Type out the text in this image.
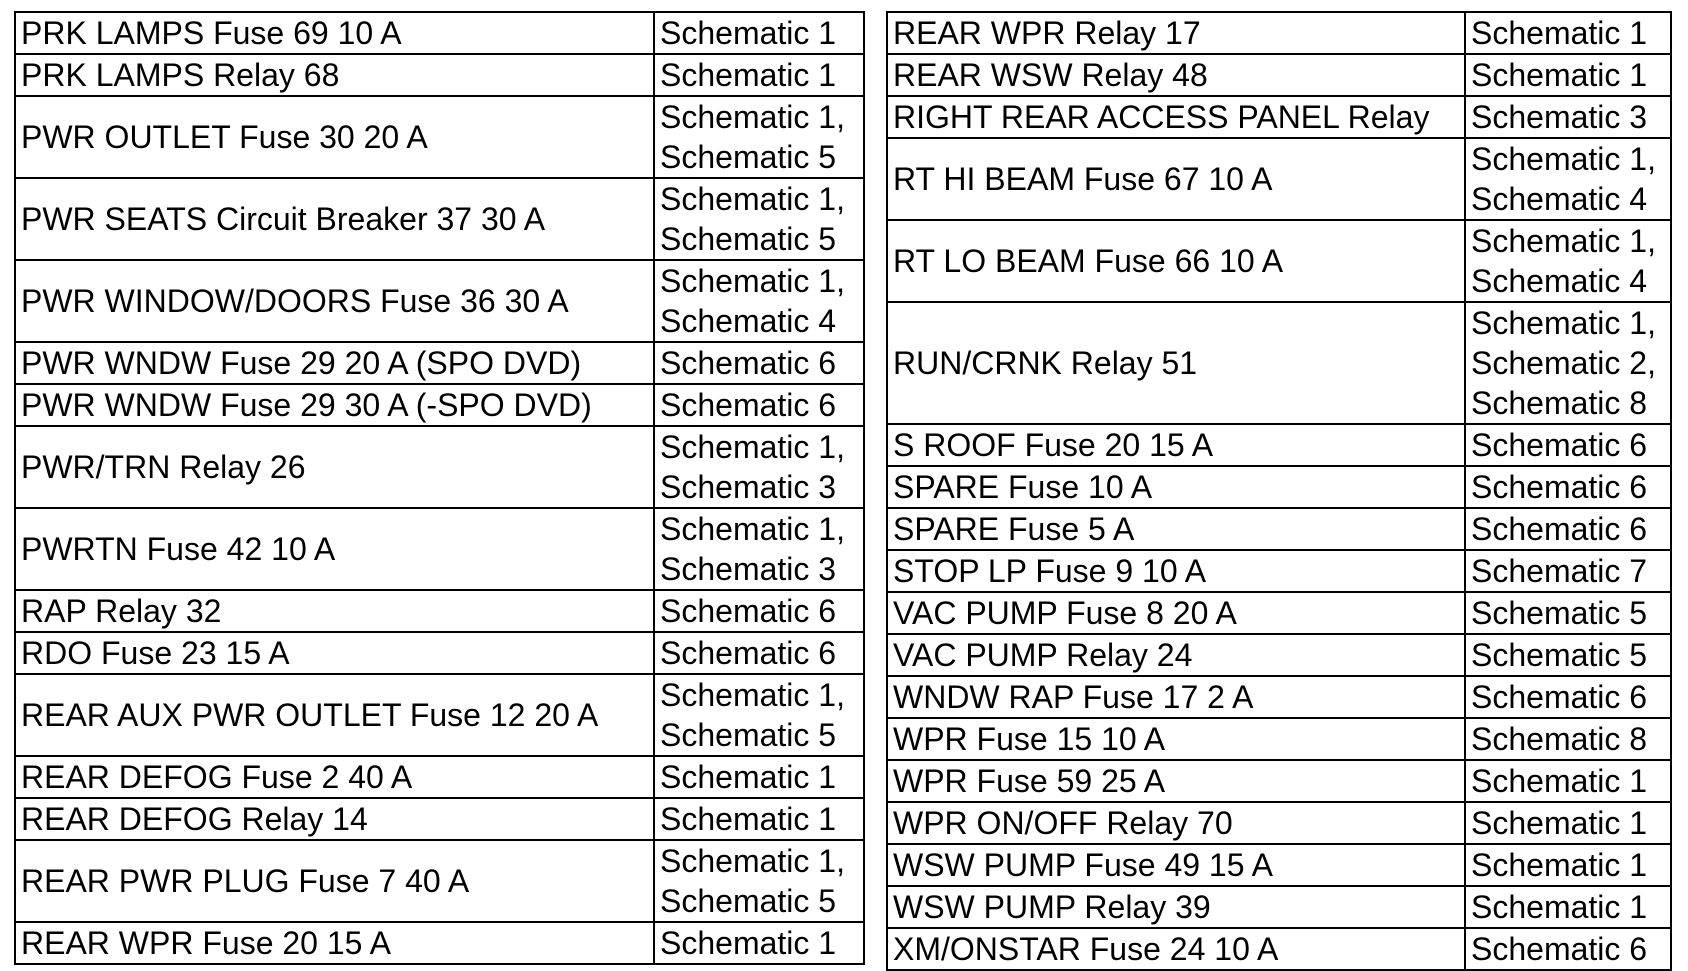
PRK LAMPS Fuse 69 10 A	Schematic 1

PRK LAMPS Relay 68	Schematic 1

PWR OUTLET Fuse 30 20 A	Schematic 1,
Schematic 5

PWR SEATS Circuit Breaker 37 30 A	Schematic 1,
Schematic 5

PWR WINDOW/DOORS Fuse 36 30 A	Schematic 1,
Schematic 4

PWR WNDW Fuse 29 20 A (SPO DVD)	Schematic 6

PWR WNDW Fuse 29 30 A (-SPO DVD)	Schematic 6

PWR/TRN Relay 26	Schematic 1,
Schematic 3

PWRTN Fuse 42 10 A	Schematic 1,
Schematic 3

RAP Relay 32	Schematic 6

RDO Fuse 23 15 A	Schematic 6

REAR AUX PWR OUTLET Fuse 12 20 A	Schematic 1,
Schematic 5

REAR DEFOG Fuse 2 40 A	Schematic 1

REAR DEFOG Relay 14	Schematic 1

REAR PWR PLUG Fuse 7 40 A	Schematic 1,
Schematic 5

REAR WPR Fuse 20 15 A	Schematic 1
REAR WPR Relay 17	Schematic 1

REAR WSW Relay 48	Schematic 1

RIGHT REAR ACCESS PANEL Relay	Schematic 3

RT HI BEAM Fuse 67 10 A	Schematic 1,
Schematic 4

RT LO BEAM Fuse 66 10 A	Schematic 1,
Schematic 4

RUN/CRNK Relay 51	Schematic 1,
Schematic 2,
Schematic 8

S ROOF Fuse 20 15 A	Schematic 6

SPARE Fuse 10 A	Schematic 6

SPARE Fuse 5 A	Schematic 6

STOP LP Fuse 9 10 A	Schematic 7

VAC PUMP Fuse 8 20 A	Schematic 5

VAC PUMP Relay 24	Schematic 5

WNDW RAP Fuse 17 2 A	Schematic 6

WPR Fuse 15 10 A	Schematic 8

WPR Fuse 59 25 A	Schematic 1

WPR ON/OFF Relay 70	Schematic 1

WSW PUMP Fuse 49 15 A	Schematic 1

WSW PUMP Relay 39	Schematic 1

XM/ONSTAR Fuse 24 10 A	Schematic 6
